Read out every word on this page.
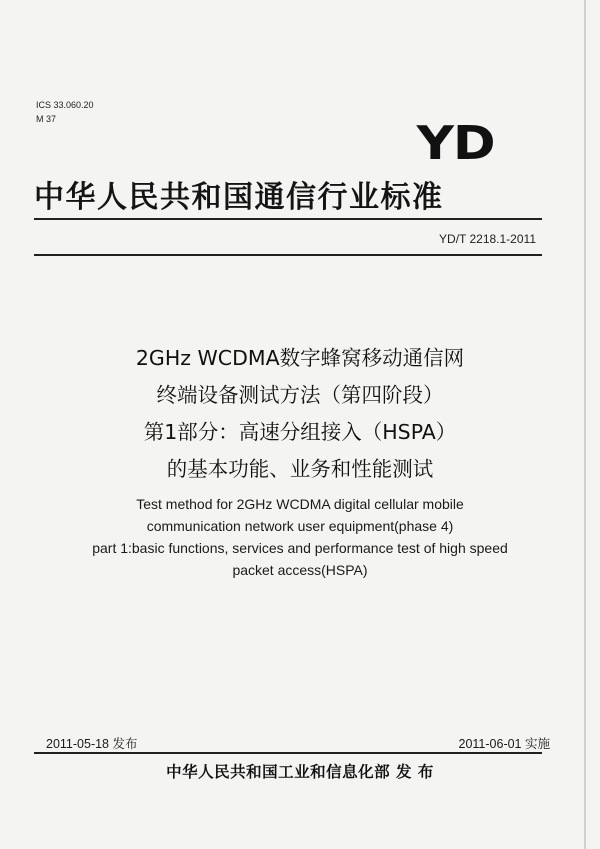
ICS 33.060.20
M 37	YD
中华人民共和国通信行业标准
YD/T 2218.1-2011
2GHz WCDMA数字蜂窝移动通信网
终端设备测试方法（第四阶段）
第1部分：高速分组接入（HSPA）
的基本功能、业务和性能测试
Test method for 2GHz WCDMA digital cellular mobile
communication network user equipment(phase 4)
part 1:basic functions, services and performance test of high speed
packet access(HSPA)
2011-05-18 发布	2011-06-01 实施
中华人民共和国工业和信息化部 发 布
